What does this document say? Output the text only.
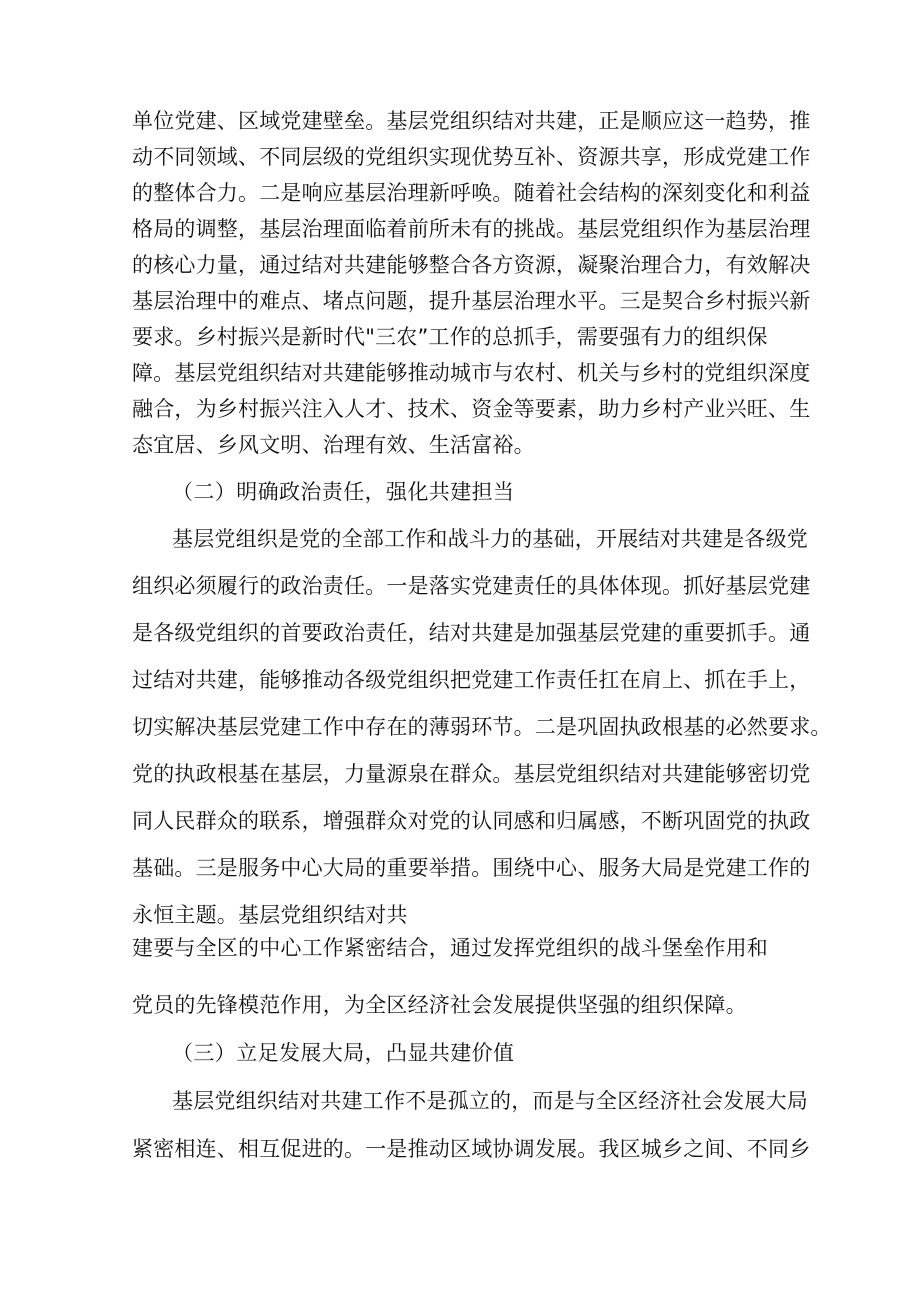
单位党建、区域党建壁垒。基层党组织结对共建，正是顺应这一趋势，推
动不同领域、不同层级的党组织实现优势互补、资源共享，形成党建工作
的整体合力。二是响应基层治理新呼唤。随着社会结构的深刻变化和利益
格局的调整，基层治理面临着前所未有的挑战。基层党组织作为基层治理
的核心力量，通过结对共建能够整合各方资源，凝聚治理合力，有效解决
基层治理中的难点、堵点问题，提升基层治理水平。三是契合乡村振兴新
要求。乡村振兴是新时代"三农”工作的总抓手，需要强有力的组织保
障。基层党组织结对共建能够推动城市与农村、机关与乡村的党组织深度
融合，为乡村振兴注入人才、技术、资金等要素，助力乡村产业兴旺、生
态宜居、乡风文明、治理有效、生活富裕。
（二）明确政治责任，强化共建担当
基层党组织是党的全部工作和战斗力的基础，开展结对共建是各级党
组织必须履行的政治责任。一是落实党建责任的具体体现。抓好基层党建
是各级党组织的首要政治责任，结对共建是加强基层党建的重要抓手。通
过结对共建，能够推动各级党组织把党建工作责任扛在肩上、抓在手上，
切实解决基层党建工作中存在的薄弱环节。二是巩固执政根基的必然要求。
党的执政根基在基层，力量源泉在群众。基层党组织结对共建能够密切党
同人民群众的联系，增强群众对党的认同感和归属感，不断巩固党的执政
基础。三是服务中心大局的重要举措。围绕中心、服务大局是党建工作的
永恒主题。基层党组织结对共
建要与全区的中心工作紧密结合，通过发挥党组织的战斗堡垒作用和
党员的先锋模范作用，为全区经济社会发展提供坚强的组织保障。
（三）立足发展大局，凸显共建价值
基层党组织结对共建工作不是孤立的，而是与全区经济社会发展大局
紧密相连、相互促进的。一是推动区域协调发展。我区城乡之间、不同乡
